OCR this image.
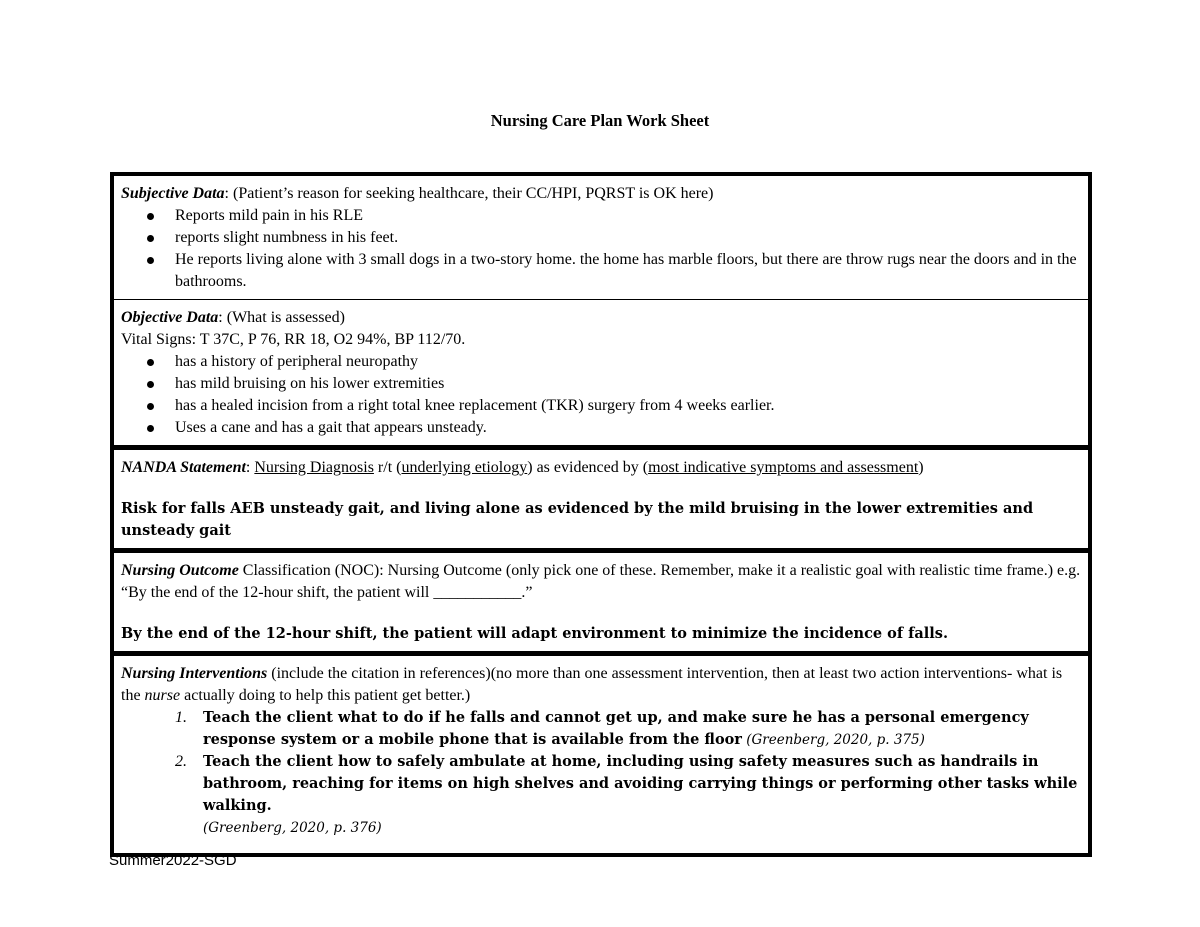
Nursing Care Plan Work Sheet
Subjective Data: (Patient’s reason for seeking healthcare, their CC/HPI, PQRST is OK here)
Reports mild pain in his RLE
reports slight numbness in his feet.
He reports living alone with 3 small dogs in a two-story home. the home has marble floors, but there are throw rugs near the doors and in the bathrooms.
Objective Data: (What is assessed)
Vital Signs: T 37C, P 76, RR 18, O2 94%, BP 112/70.
has a history of peripheral neuropathy
has mild bruising on his lower extremities
has a healed incision from a right total knee replacement (TKR) surgery from 4 weeks earlier.
Uses a cane and has a gait that appears unsteady.
NANDA Statement: Nursing Diagnosis r/t (underlying etiology) as evidenced by (most indicative symptoms and assessment)
Risk for falls AEB unsteady gait, and living alone as evidenced by the mild bruising in the lower extremities and unsteady gait
Nursing Outcome Classification (NOC): Nursing Outcome (only pick one of these. Remember, make it a realistic goal with realistic time frame.) e.g. “By the end of the 12-hour shift, the patient will ___________.”
By the end of the 12-hour shift, the patient will adapt environment to minimize the incidence of falls.
Nursing Interventions (include the citation in references)(no more than one assessment intervention, then at least two action interventions- what is the nurse actually doing to help this patient get better.)
1. Teach the client what to do if he falls and cannot get up, and make sure he has a personal emergency response system or a mobile phone that is available from the floor (Greenberg, 2020, p. 375)
2. Teach the client how to safely ambulate at home, including using safety measures such as handrails in bathroom, reaching for items on high shelves and avoiding carrying things or performing other tasks while walking.
(Greenberg, 2020, p. 376)
Summer2022-SGD
